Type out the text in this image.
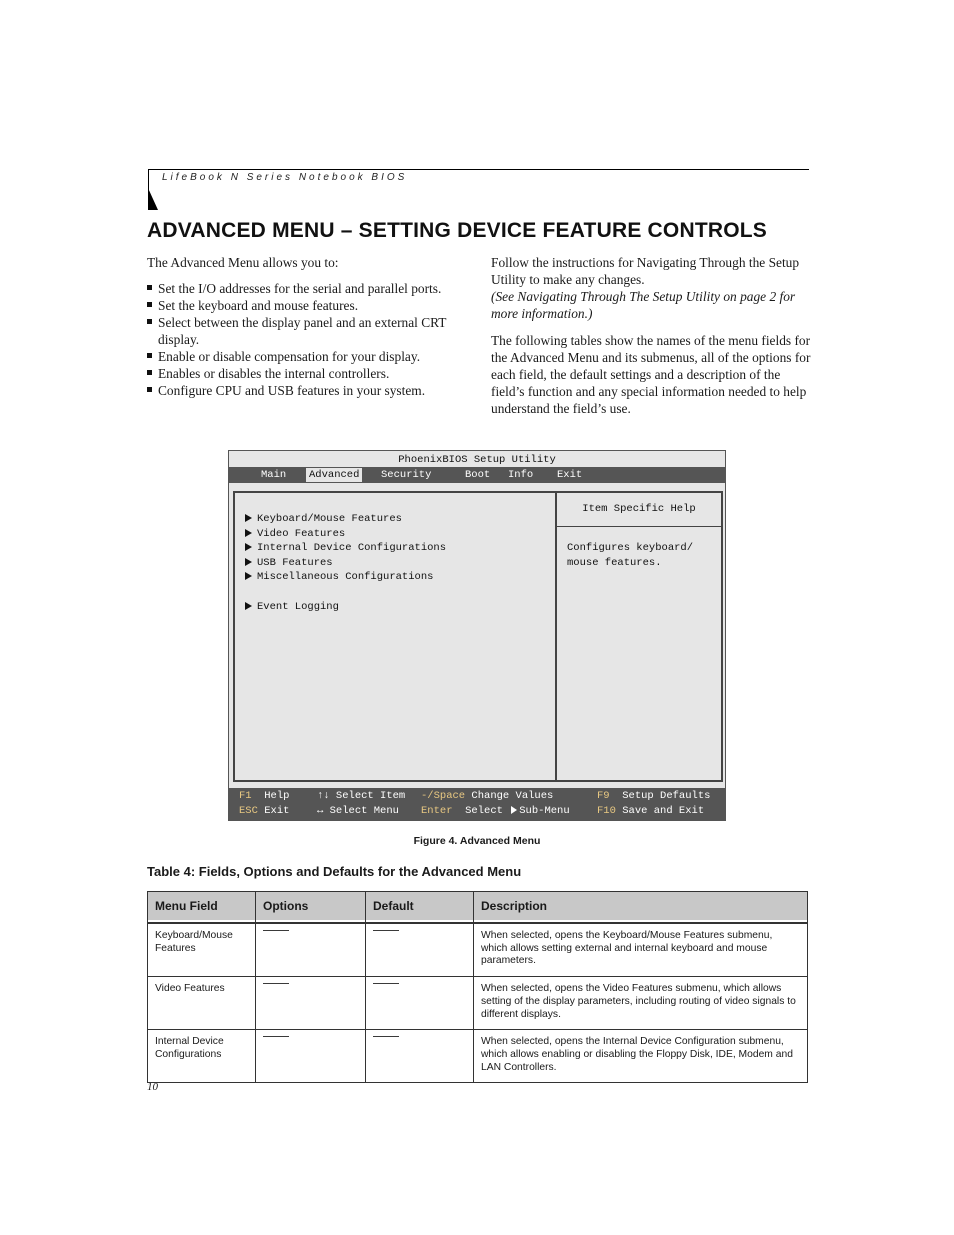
LifeBook N Series Notebook BIOS
ADVANCED MENU – SETTING DEVICE FEATURE CONTROLS

The Advanced Menu allows you to:

Set the I/O addresses for the serial and parallel ports.
Set the keyboard and mouse features.
Select between the display panel and an external CRT display.
Enable or disable compensation for your display.
Enables or disables the internal controllers.
Configure CPU and USB features in your system.

Follow the instructions for Navigating Through the Setup Utility to make any changes.

(See Navigating Through The Setup Utility on page 2 for more information.)

The following tables show the names of the menu fields for the Advanced Menu and its submenus, all of the options for each field, the default settings and a description of the field’s function and any special information needed to help understand the field’s use.

PhoenixBIOS Setup Utility
Main Advanced Security	Boot Info Exit
Keyboard/Mouse Features
Video Features
Internal Device Configurations
USB Features
Miscellaneous Configurations
Event Logging
Item Specific Help
Configures keyboard/
mouse features.
F1 Help	↑↓ Select Item -/Space Change Values	F9 Setup Defaults
ESC Exit	↔ Select Menu Enter Select Sub-Menu	F10 Save and Exit
Figure 4. Advanced Menu
Table 4: Fields, Options and Defaults for the Advanced Menu
Menu Field	Options	Default	Description

Keyboard/Mouse Features	——	——	When selected, opens the Keyboard/Mouse Features submenu, which allows setting external and internal keyboard and mouse parameters.
Video Features	——	——	When selected, opens the Video Features submenu, which allows setting of the display parameters, including routing of video signals to different displays.
Internal Device Configurations	——	——	When selected, opens the Internal Device Configuration submenu, which allows enabling or disabling the Floppy Disk, IDE, Modem and LAN Controllers.
10
